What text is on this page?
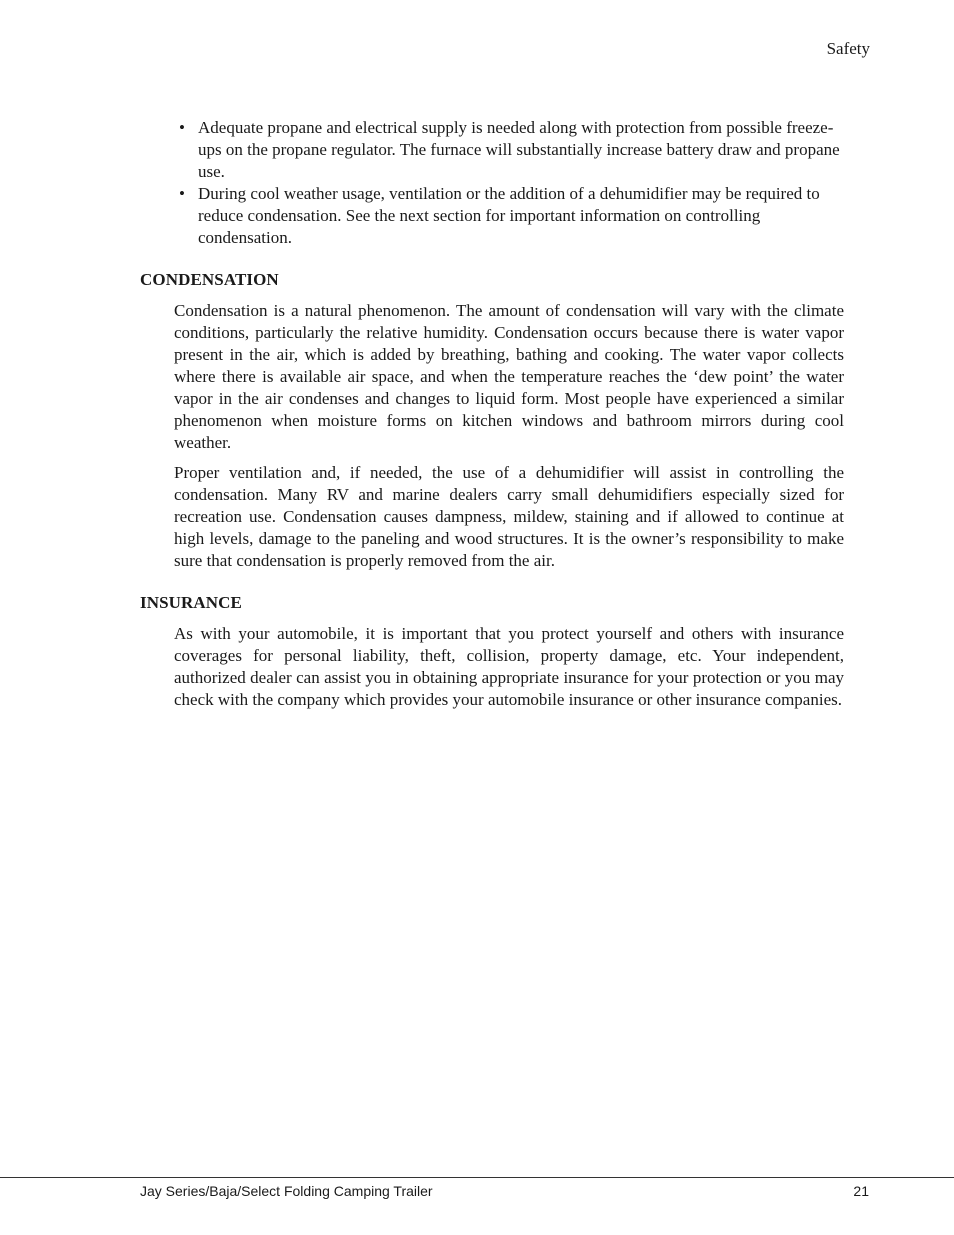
Safety
• Adequate propane and electrical supply is needed along with protection from possible freeze-ups on the propane regulator. The furnace will substantially increase battery draw and propane use.
• During cool weather usage, ventilation or the addition of a dehumidifier may be required to reduce condensation. See the next section for important information on controlling condensation.
CONDENSATION

Condensation is a natural phenomenon. The amount of condensation will vary with the climate conditions, particularly the relative humidity. Condensation occurs because there is water vapor present in the air, which is added by breathing, bathing and cooking. The water vapor collects where there is available air space, and when the temperature reaches the ‘dew point’ the water vapor in the air condenses and changes to liquid form. Most people have experienced a similar phenomenon when moisture forms on kitchen windows and bathroom mirrors during cool weather.

Proper ventilation and, if needed, the use of a dehumidifier will assist in controlling the condensation. Many RV and marine dealers carry small dehumidifiers especially sized for recreation use. Condensation causes dampness, mildew, staining and if allowed to continue at high levels, damage to the paneling and wood structures. It is the owner’s responsibility to make sure that condensation is properly removed from the air.

INSURANCE

As with your automobile, it is important that you protect yourself and others with insurance coverages for personal liability, theft, collision, property damage, etc. Your independent, authorized dealer can assist you in obtaining appropriate insurance for your protection or you may check with the company which provides your automobile insurance or other insurance companies.

Jay Series/Baja/Select Folding Camping Trailer	21
